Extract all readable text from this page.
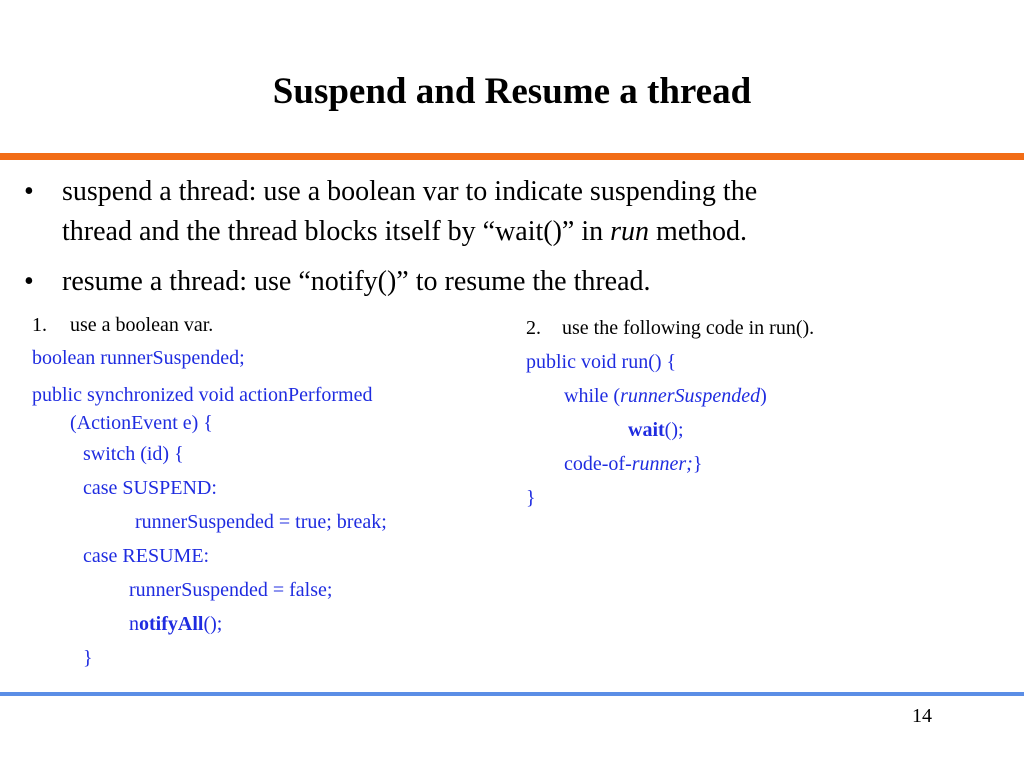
Suspend and Resume a thread
• suspend a thread: use a boolean var to indicate suspending the
thread and the thread blocks itself by “wait()” in run method.
• resume a thread: use “notify()” to resume the thread.
1. use a boolean var.
boolean runnerSuspended;
public synchronized void actionPerformed
(ActionEvent e) {
switch (id) {
case SUSPEND:
runnerSuspended = true; break;
case RESUME:
runnerSuspended = false;
notifyAll();
}
2. use the following code in run().
public void run() {
while (runnerSuspended)
wait();
code-of-runner;}
}
14
